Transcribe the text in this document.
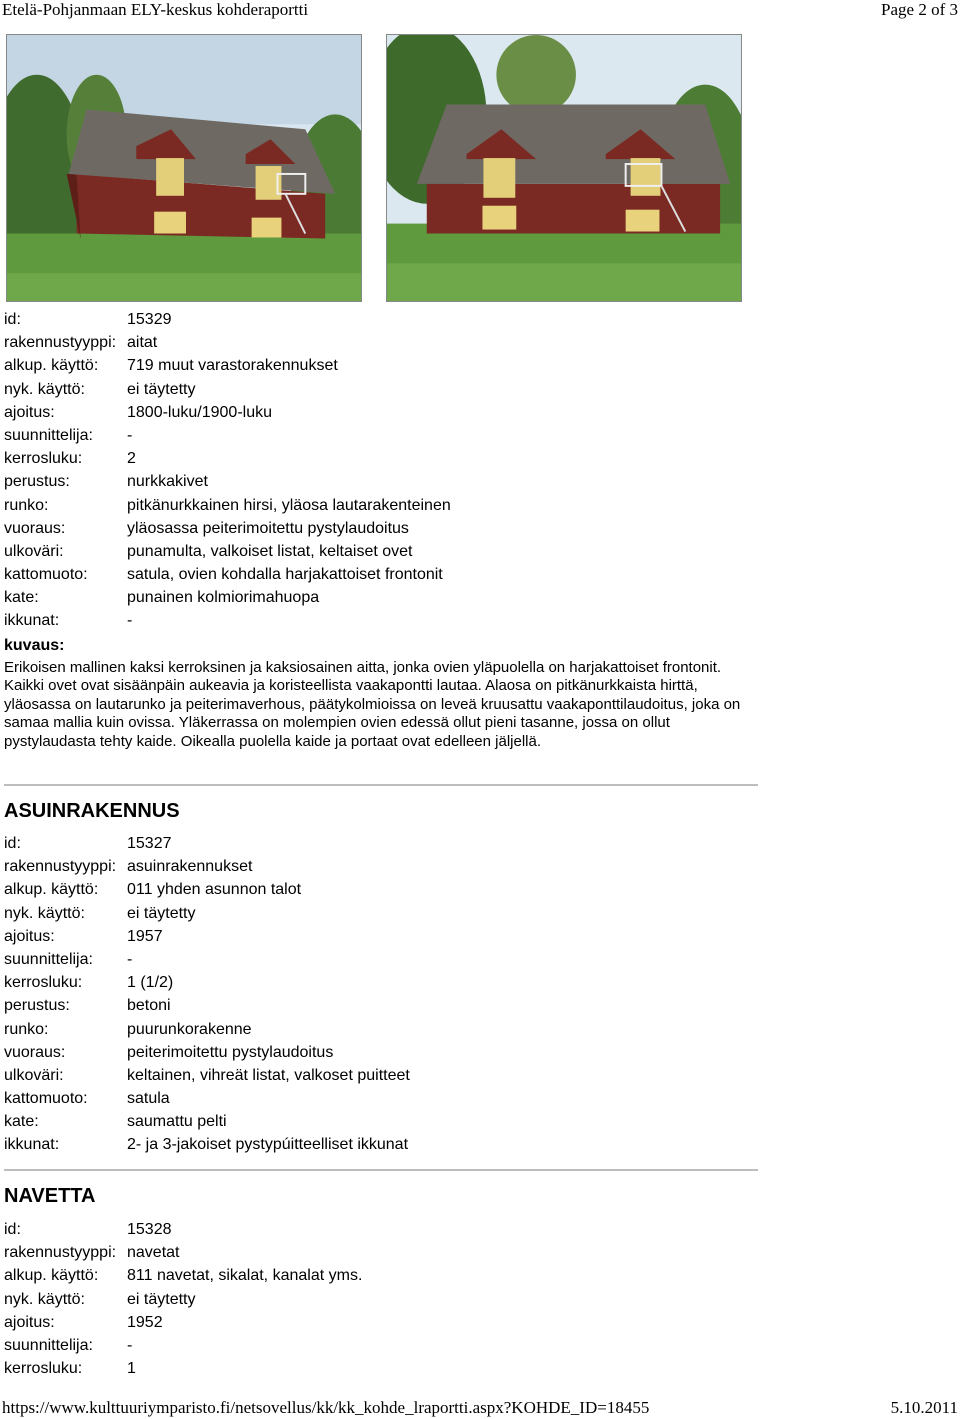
Etelä-Pohjanmaan ELY-keskus kohderaportti	Page 2 of 3
id:	15329
rakennustyyppi: aitat
alkup. käyttö: 719 muut varastorakennukset
nyk. käyttö:	ei täytetty
ajoitus:	1800-luku/1900-luku
suunnittelija: -
kerrosluku:	2
perustus:	nurkkakivet
runko:	pitkänurkkainen hirsi, yläosa lautarakenteinen
vuoraus:	yläosassa peiterimoitettu pystylaudoitus
ulkoväri:	punamulta, valkoiset listat, keltaiset ovet
kattomuoto: satula, ovien kohdalla harjakattoiset frontonit
kate:	punainen kolmiorimahuopa
ikkunat:	-
kuvaus:
Erikoisen mallinen kaksi kerroksinen ja kaksiosainen aitta, jonka ovien yläpuolella on harjakattoiset frontonit. Kaikki ovet ovat sisäänpäin aukeavia ja koristeellista vaakapontti lautaa. Alaosa on pitkänurkkaista hirttä, yläosassa on lautarunko ja peiterimaverhous, päätykolmioissa on leveä kruusattu vaakaponttilaudoitus, joka on samaa mallia kuin ovissa. Yläkerrassa on molempien ovien edessä ollut pieni tasanne, jossa on ollut pystylaudasta tehty kaide. Oikealla puolella kaide ja portaat ovat edelleen jäljellä.
ASUINRAKENNUS
id:	15327
rakennustyyppi: asuinrakennukset
alkup. käyttö: 011 yhden asunnon talot
nyk. käyttö:	ei täytetty
ajoitus:	1957
suunnittelija: -
kerrosluku:	1 (1/2)
perustus:	betoni
runko:	puurunkorakenne
vuoraus:	peiterimoitettu pystylaudoitus
ulkoväri:	keltainen, vihreät listat, valkoset puitteet
kattomuoto: satula
kate:	saumattu pelti
ikkunat:	2- ja 3-jakoiset pystypúitteelliset ikkunat
NAVETTA
id:	15328
rakennustyyppi: navetat
alkup. käyttö: 811 navetat, sikalat, kanalat yms.
nyk. käyttö:	ei täytetty
ajoitus:	1952
suunnittelija: -
kerrosluku:	1
https://www.kulttuuriymparisto.fi/netsovellus/kk/kk_kohde_lraportti.aspx?KOHDE_ID=18455	5.10.2011
